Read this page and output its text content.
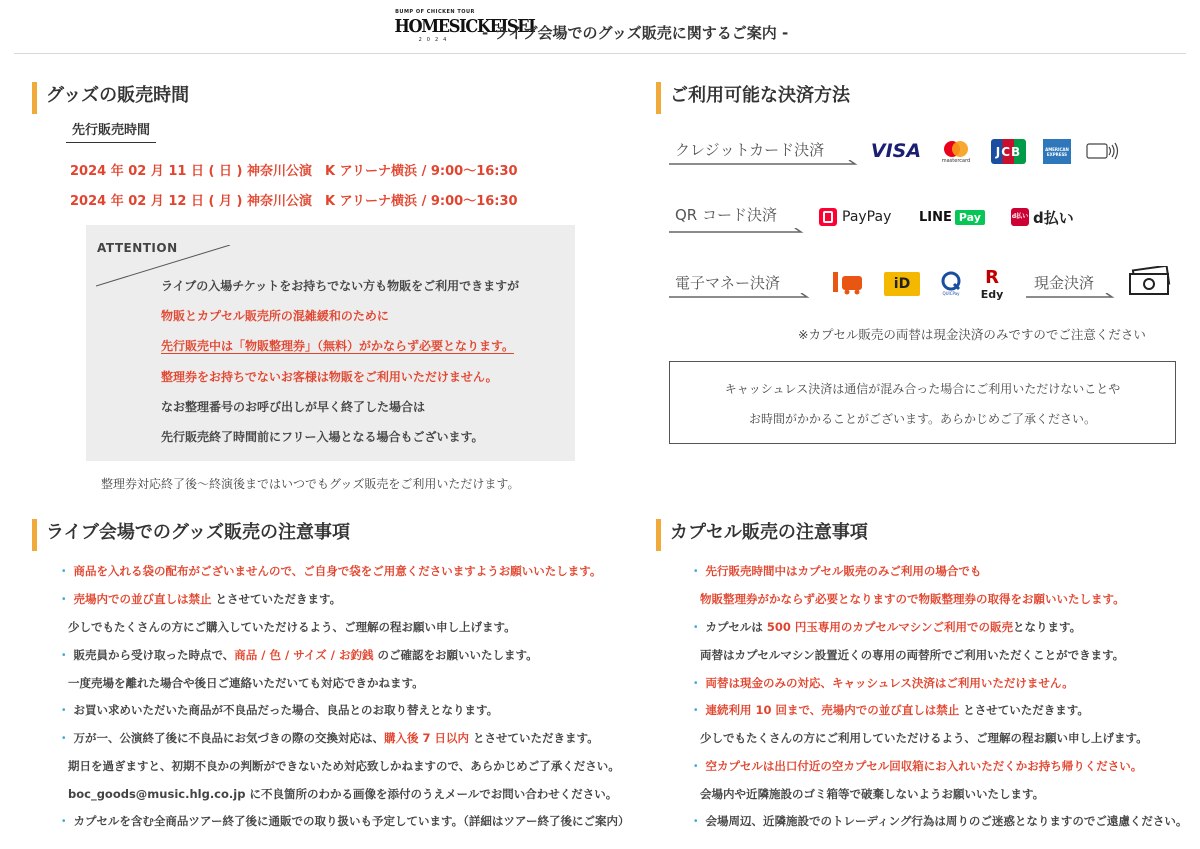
BUMP OF CHICKEN TOUR
HOMESICKEISEI
2024	- ライブ会場でのグッズ販売に関するご案内 -
グッズの販売時間
先行販売時間
2024 年 02 月 11 日 ( 日 ) 神奈川公演　K アリーナ横浜 / 9:00〜16:30
2024 年 02 月 12 日 ( 月 ) 神奈川公演　K アリーナ横浜 / 9:00〜16:30
ATTENTION
ライブの入場チケットをお持ちでない方も物販をご利用できますが
物販とカプセル販売所の混雑緩和のために
先行販売中は「物販整理券」（無料）がかならず必要となります。
整理券をお持ちでないお客様は物販をご利用いただけません。
なお整理番号のお呼び出しが早く終了した場合は
先行販売終了時間前にフリー入場となる場合もございます。
整理券対応終了後〜終演後まではいつでもグッズ販売をご利用いただけます。
ご利用可能な決済方法
クレジットカード決済 VISA	mastercard
JCB	AMERICAN EXPRESS
QR コード決済	PayPay LINE Pay	d払い d払い
電子マネー決済	iD
QUICPay
R
Edy
現金決済
※カプセル販売の両替は現金決済のみですのでご注意ください
キャッシュレス決済は通信が混み合った場合にご利用いただけないことや
お時間がかかることがございます。あらかじめご了承ください。
ライブ会場でのグッズ販売の注意事項
・ 商品を入れる袋の配布がございませんので、ご自身で袋をご用意くださいますようお願いいたします。
・ 売場内での並び直しは禁止 とさせていただきます。
少しでもたくさんの方にご購入していただけるよう、ご理解の程お願い申し上げます。
・ 販売員から受け取った時点で、商品 / 色 / サイズ / お釣銭 のご確認をお願いいたします。
一度売場を離れた場合や後日ご連絡いただいても対応できかねます。
・ お買い求めいただいた商品が不良品だった場合、良品とのお取り替えとなります。
・ 万が一、公演終了後に不良品にお気づきの際の交換対応は、購入後 7 日以内 とさせていただきます。
期日を過ぎますと、初期不良かの判断ができないため対応致しかねますので、あらかじめご了承ください。
boc_goods@music.hlg.co.jp に不良箇所のわかる画像を添付のうえメールでお問い合わせください。
・ カプセルを含む全商品ツアー終了後に通販での取り扱いも予定しています。（詳細はツアー終了後にご案内）
カプセル販売の注意事項
・ 先行販売時間中はカプセル販売のみご利用の場合でも
物販整理券がかならず必要となりますので物販整理券の取得をお願いいたします。
・ カプセルは 500 円玉専用のカプセルマシンご利用での販売となります。
両替はカプセルマシン設置近くの専用の両替所でご利用いただくことができます。
・ 両替は現金のみの対応、キャッシュレス決済はご利用いただけません。
・ 連続利用 10 回まで、売場内での並び直しは禁止 とさせていただきます。
少しでもたくさんの方にご利用していただけるよう、ご理解の程お願い申し上げます。
・ 空カプセルは出口付近の空カプセル回収箱にお入れいただくかお持ち帰りください。
会場内や近隣施設のゴミ箱等で破棄しないようお願いいたします。
・ 会場周辺、近隣施設でのトレーディング行為は周りのご迷惑となりますのでご遠慮ください。
